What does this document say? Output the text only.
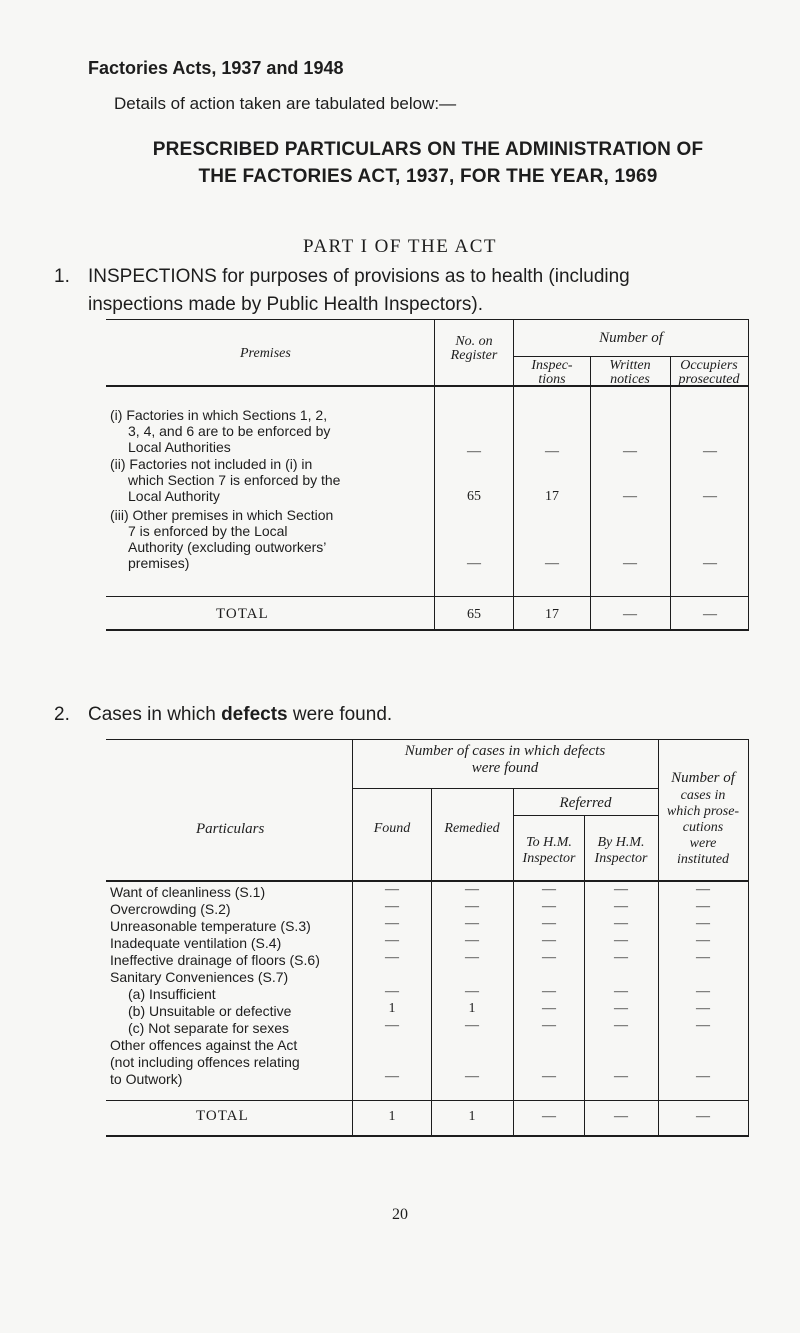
Factories Acts, 1937 and 1948
Details of action taken are tabulated below:—
PRESCRIBED PARTICULARS ON THE ADMINISTRATION OF
THE FACTORIES ACT, 1937, FOR THE YEAR, 1969
PART I OF THE ACT
1. INSPECTIONS for purposes of provisions as to health (including
inspections made by Public Health Inspectors).
Premises
No. on
Register
Number of
Inspec-
tions
Written
notices
Occupiers
prosecuted
(i) Factories in which Sections 1, 2,
3, 4, and 6 are to be enforced by
Local Authorities	—	—	—	—
(ii) Factories not included in (i) in
which Section 7 is enforced by the
Local Authority	65	17	—	—
(iii) Other premises in which Section
7 is enforced by the Local
Authority (excluding outworkers’
premises)	—	—	—	—
TOTAL	65	17	—	—
2. Cases in which defects were found.
Particulars
Number of cases in which defects
were found
Found	Remedied
Referred
To H.M.
Inspector
By H.M.
Inspector
Number of
cases in
which prose-
cutions
were
instituted
Want of cleanliness (S.1)	—	—	—	—	—
Overcrowding (S.2)	—	—	—	—	—
Unreasonable temperature (S.3)	—	—	—	—	—
Inadequate ventilation (S.4)	—	—	—	—	—
Ineffective drainage of floors (S.6)	—	—	—	—	—
Sanitary Conveniences (S.7)
(a) Insufficient	—	—	—	—	—
(b) Unsuitable or defective	1	1	—	—	—
(c) Not separate for sexes	—	—	—	—	—
Other offences against the Act
(not including offences relating
to Outwork)	—	—	—	—	—
TOTAL	1	1	—	—	—
20
